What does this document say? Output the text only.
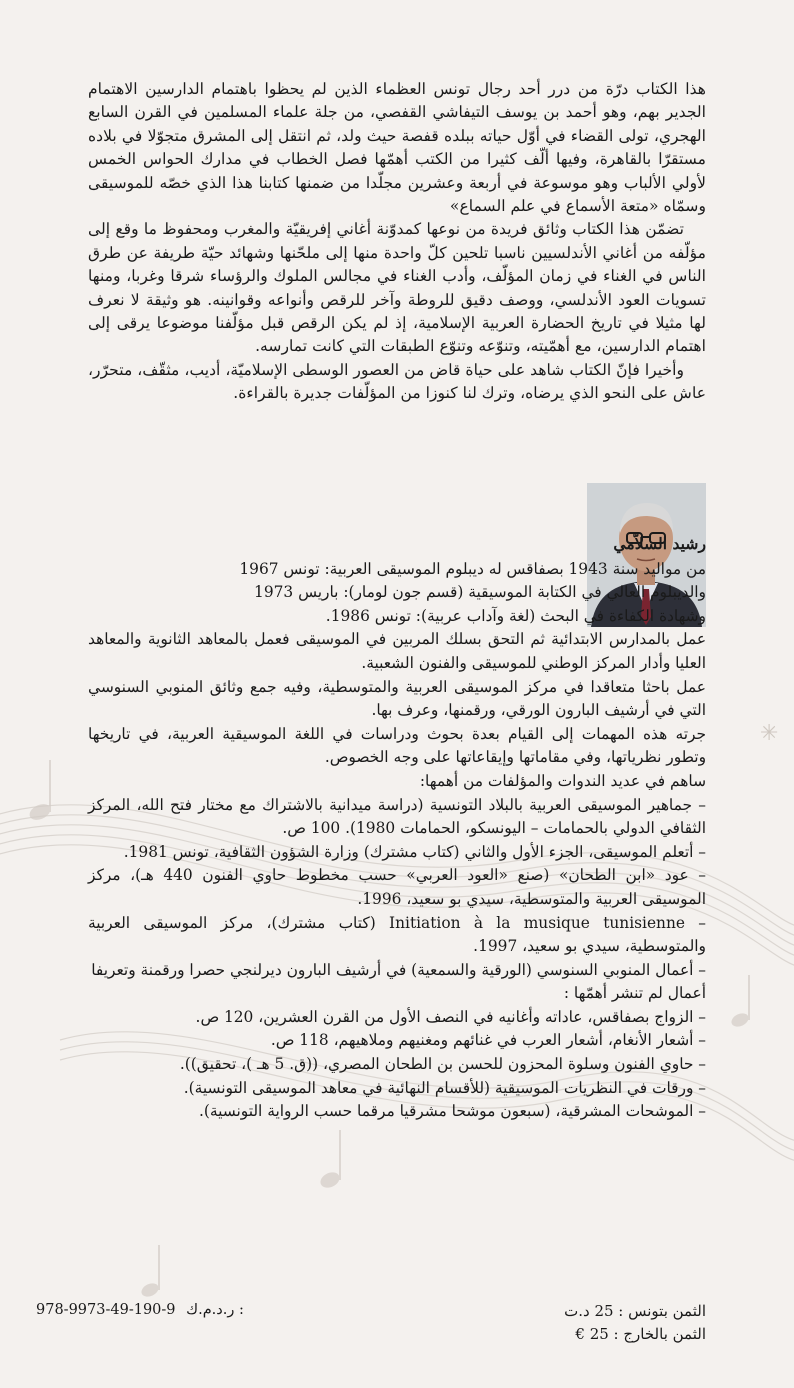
✳

هذا الكتاب درّة من درر أحد رجال تونس العظماء الذين لم يحظوا باهتمام الدارسين الاهتمام الجدير بهم، وهو أحمد بن يوسف التيفاشي القفصي، من جلة علماء المسلمين في القرن السابع الهجري، تولى القضاء في أوّل حياته ببلده قفصة حيث ولد، ثم انتقل إلى المشرق متجوّلا في بلاده مستقرّا بالقاهرة، وفيها ألّف كثيرا من الكتب أهمّها فصل الخطاب في مدارك الحواس الخمس لأولي الألباب وهو موسوعة في أربعة وعشرين مجلّدا من ضمنها كتابنا هذا الذي خصّه للموسيقى وسمّاه «متعة الأسماع في علم السماع»

تضمّن هذا الكتاب وثائق فريدة من نوعها كمدوّنة أغاني إفريقيّة والمغرب ومحفوظ ما وقع إلى مؤلّفه من أغاني الأندلسيين ناسبا تلحين كلّ واحدة منها إلى ملحّنها وشهائد حيّة طريفة عن طرق الناس في الغناء في زمان المؤلّف، وأدب الغناء في مجالس الملوك والرؤساء شرقا وغربا، ومنها تسويات العود الأندلسي، ووصف دقيق للروطة وآخر للرقص وأنواعه وقوانينه. هو وثيقة لا نعرف لها مثيلا في تاريخ الحضارة العربية الإسلامية، إذ لم يكن الرقص قبل مؤلّفنا موضوعا يرقى إلى اهتمام الدارسين، مع أهمّيته، وتنوّعه وتنوّع الطبقات التي كانت تمارسه.

وأخيرا فإنّ الكتاب شاهد على حياة قاض من العصور الوسطى الإسلاميّة، أديب، مثقّف، متحرّر، عاش على النحو الذي يرضاه، وترك لنا كنوزا من المؤلّفات جديرة بالقراءة.

رشيد السلاّمي

من مواليد سنة 1943 بصفاقس له ديبلوم الموسيقى العربية: تونس 1967

والديبلوم العالي في الكتابة الموسيقية (قسم جون لومار): باريس 1973

وشهادة الكفاءة في البحث (لغة وآداب عربية): تونس 1986.

عمل بالمدارس الابتدائية ثم التحق بسلك المربين في الموسيقى فعمل بالمعاهد الثانوية والمعاهد العليا وأدار المركز الوطني للموسيقى والفنون الشعبية.

عمل باحثا متعاقدا في مركز الموسيقى العربية والمتوسطية، وفيه جمع وثائق المنوبي السنوسي التي في أرشيف البارون الورقي، ورقمنها، وعرف بها.

جرته هذه المهمات إلى القيام بعدة بحوث ودراسات في اللغة الموسيقية العربية، في تاريخها وتطور نظرياتها، وفي مقاماتها وإيقاعاتها على وجه الخصوص.

ساهم في عديد الندوات والمؤلفات من أهمها:

– جماهير الموسيقى العربية بالبلاد التونسية (دراسة ميدانية بالاشتراك مع مختار فتح الله، المركز الثقافي الدولي بالحمامات – اليونسكو، الحمامات 1980). 100 ص.

– أتعلم الموسيقى، الجزء الأول والثاني (كتاب مشترك) وزارة الشؤون الثقافية، تونس 1981.

– عود «ابن الطحان» (صنع «العود العربي» حسب مخطوط حاوي الفنون 440 هـ)، مركز الموسيقى العربية والمتوسطية، سيدي بو سعيد، 1996.

– Initiation à la musique tunisienne (كتاب مشترك)، مركز الموسيقى العربية والمتوسطية، سيدي بو سعيد، 1997.

– أعمال المنوبي السنوسي (الورقية والسمعية) في أرشيف البارون ديرلنجي حصرا ورقمنة وتعريفا

أعمال لم تنشر أهمّها :

– الزواج بصفاقس، عاداته وأغانيه في النصف الأول من القرن العشرين، 120 ص.

– أشعار الأنغام، أشعار العرب في غنائهم ومغنيهم وملاهيهم، 118 ص.

– حاوي الفنون وسلوة المحزون للحسن بن الطحان المصري، ((ق. 5 هـ )، تحقيق)).

– ورقات في النظريات الموسيقية (للأقسام النهائية في معاهد الموسيقى التونسية).

– الموشحات المشرقية، (سبعون موشحا مشرقيا مرقما حسب الرواية التونسية).

الثمن بتونس : 25 د.ت
الثمن بالخارج : 25 €
978-9973-49-190-9 ر.د.م.ك :
